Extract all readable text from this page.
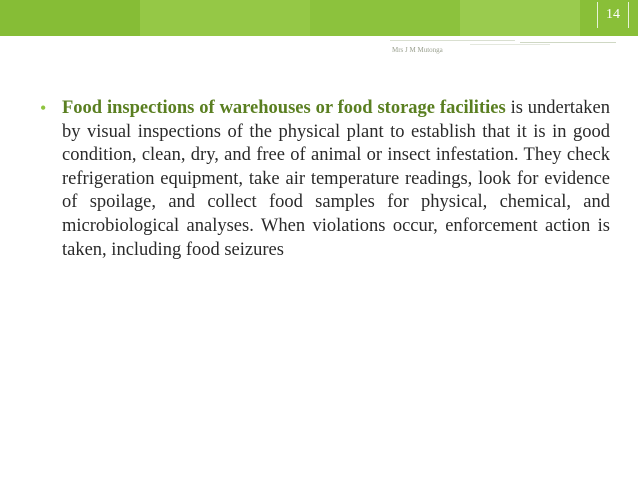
14
Mrs J M Mutonga
• Food inspections of warehouses or food storage facilities is undertaken by visual inspections of the physical plant to establish that it is in good condition, clean, dry, and free of animal or insect infestation. They check refrigeration equipment, take air temperature readings, look for evidence of spoilage, and collect food samples for physical, chemical, and microbiological analyses. When violations occur, enforcement action is taken, including food seizures
